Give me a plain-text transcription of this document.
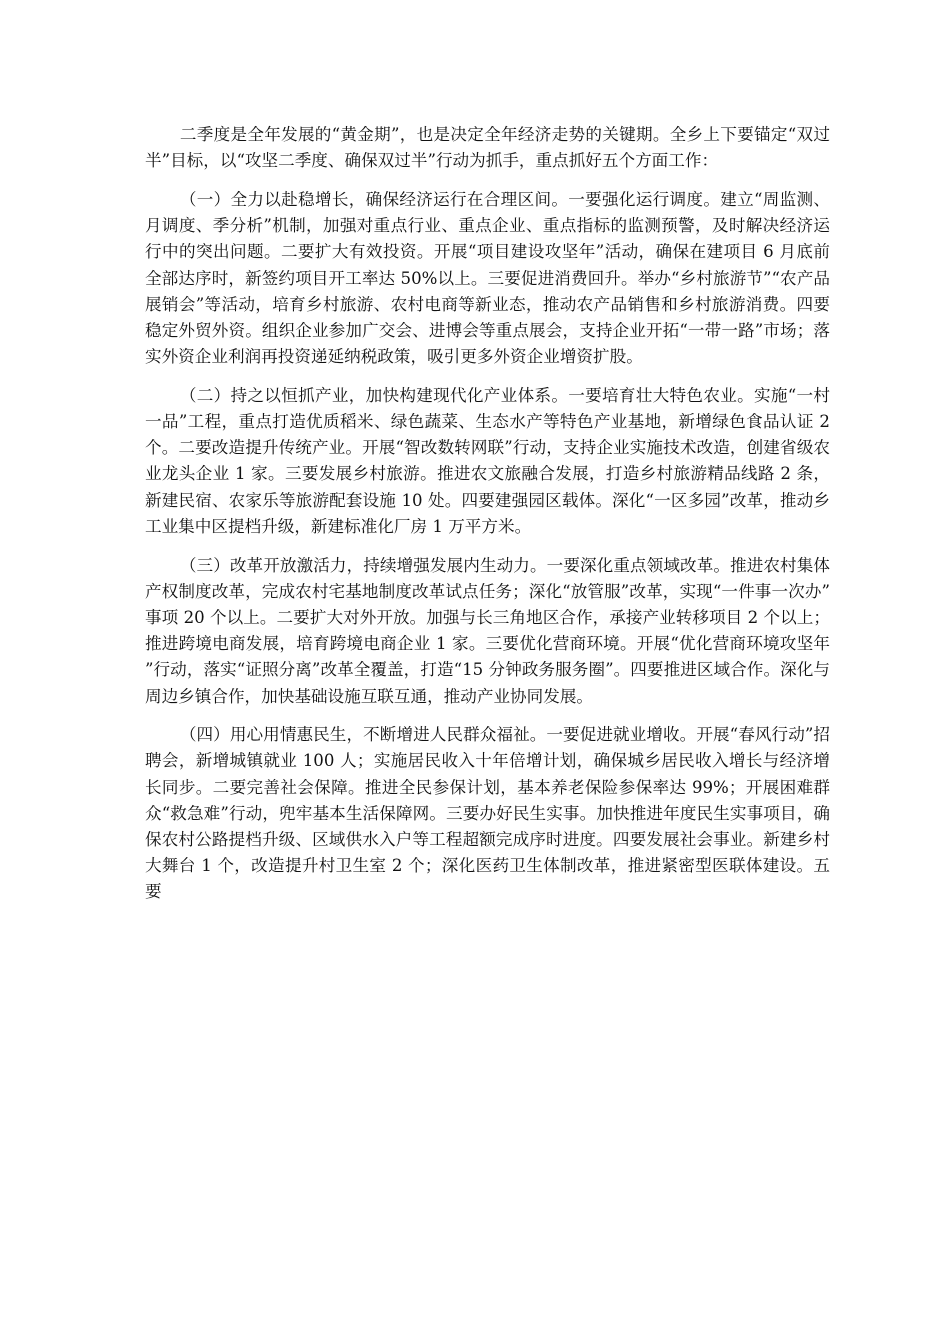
二季度是全年发展的“黄金期”，也是决定全年经济走势的关键期。全乡上下要锚定“双过半”目标，以“攻坚二季度、确保双过半”行动为抓手，重点抓好五个方面工作：

（一）全力以赴稳增长，确保经济运行在合理区间。一要强化运行调度。建立“周监测、月调度、季分析”机制，加强对重点行业、重点企业、重点指标的监测预警，及时解决经济运行中的突出问题。二要扩大有效投资。开展“项目建设攻坚年”活动，确保在建项目 6 月底前全部达序时，新签约项目开工率达 50%以上。三要促进消费回升。举办“乡村旅游节”“农产品展销会”等活动，培育乡村旅游、农村电商等新业态，推动农产品销售和乡村旅游消费。四要稳定外贸外资。组织企业参加广交会、进博会等重点展会，支持企业开拓“一带一路”市场；落实外资企业利润再投资递延纳税政策，吸引更多外资企业增资扩股。

（二）持之以恒抓产业，加快构建现代化产业体系。一要培育壮大特色农业。实施“一村一品”工程，重点打造优质稻米、绿色蔬菜、生态水产等特色产业基地，新增绿色食品认证 2 个。二要改造提升传统产业。开展“智改数转网联”行动，支持企业实施技术改造，创建省级农业龙头企业 1 家。三要发展乡村旅游。推进农文旅融合发展，打造乡村旅游精品线路 2 条，新建民宿、农家乐等旅游配套设施 10 处。四要建强园区载体。深化“一区多园”改革，推动乡工业集中区提档升级，新建标准化厂房 1 万平方米。

（三）改革开放激活力，持续增强发展内生动力。一要深化重点领域改革。推进农村集体产权制度改革，完成农村宅基地制度改革试点任务；深化“放管服”改革，实现“一件事一次办”事项 20 个以上。二要扩大对外开放。加强与长三角地区合作，承接产业转移项目 2 个以上；推进跨境电商发展，培育跨境电商企业 1 家。三要优化营商环境。开展“优化营商环境攻坚年”行动，落实“证照分离”改革全覆盖，打造“15 分钟政务服务圈”。四要推进区域合作。深化与周边乡镇合作，加快基础设施互联互通，推动产业协同发展。

（四）用心用情惠民生，不断增进人民群众福祉。一要促进就业增收。开展“春风行动”招聘会，新增城镇就业 100 人；实施居民收入十年倍增计划，确保城乡居民收入增长与经济增长同步。二要完善社会保障。推进全民参保计划，基本养老保险参保率达 99%；开展困难群众“救急难”行动，兜牢基本生活保障网。三要办好民生实事。加快推进年度民生实事项目，确保农村公路提档升级、区域供水入户等工程超额完成序时进度。四要发展社会事业。新建乡村大舞台 1 个，改造提升村卫生室 2 个；深化医药卫生体制改革，推进紧密型医联体建设。五要
